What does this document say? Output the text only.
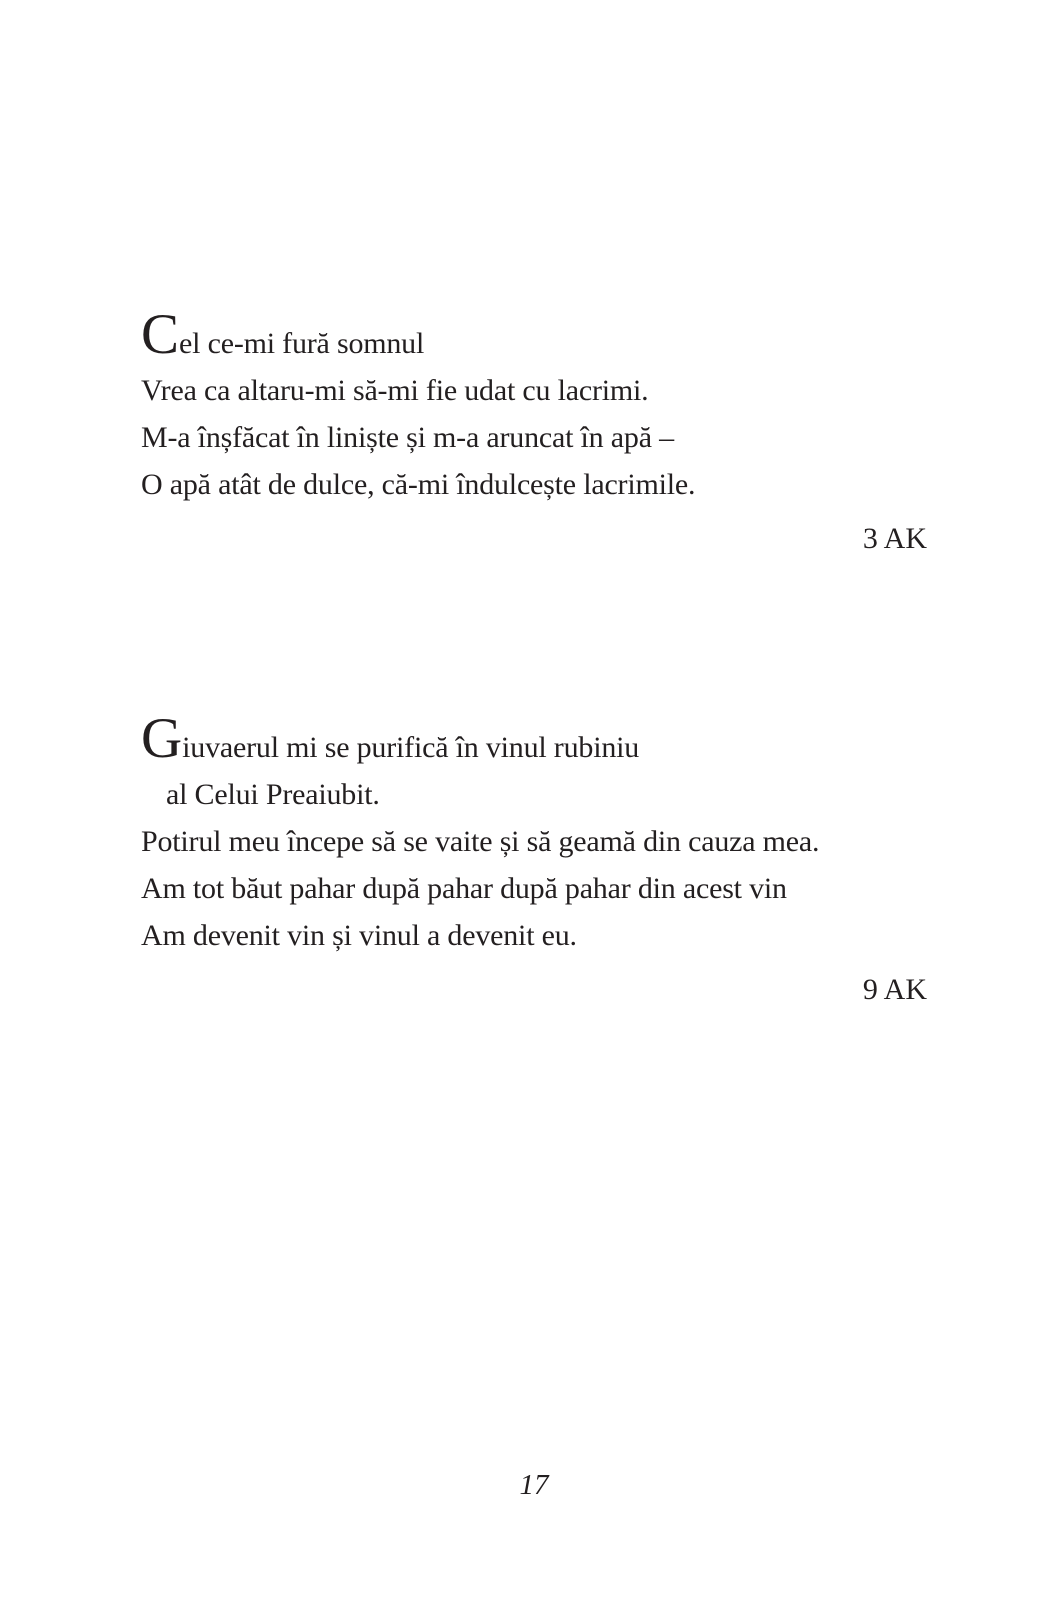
Cel ce-mi fură somnul

Vrea ca altaru-mi să-mi fie udat cu lacrimi.

M-a înșfăcat în liniște și m-a aruncat în apă –

O apă atât de dulce, că-mi îndulcește lacrimile.

3 AK

Giuvaerul mi se purifică în vinul rubiniu

al Celui Preaiubit.

Potirul meu începe să se vaite și să geamă din cauza mea.

Am tot băut pahar după pahar după pahar din acest vin

Am devenit vin și vinul a devenit eu.

9 AK

17
